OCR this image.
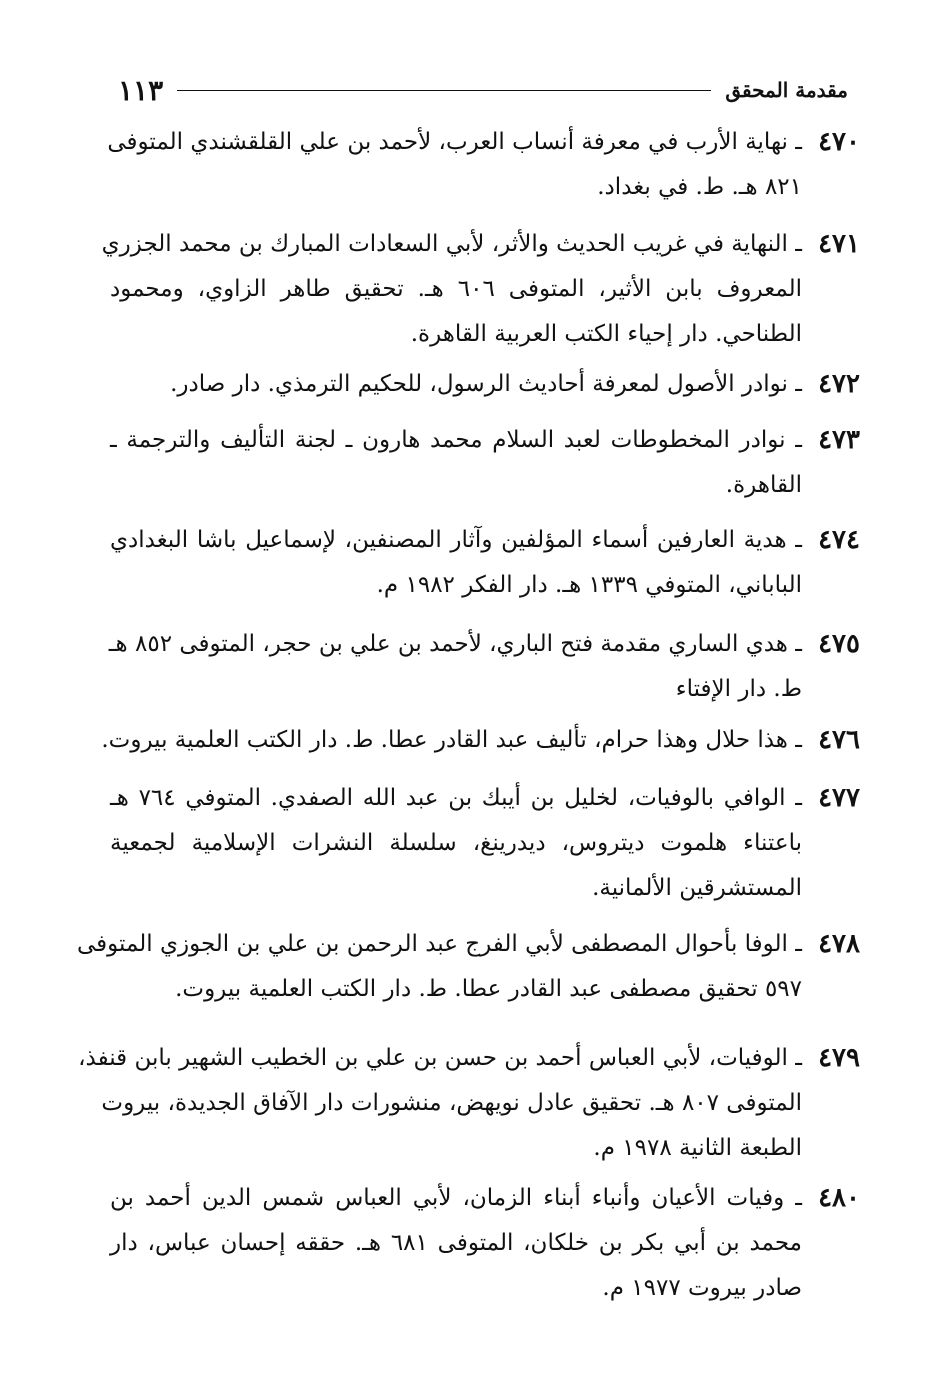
مقدمة المحقق
١١٣
٤٧٠
ـ نهاية الأرب في معرفة أنساب العرب، لأحمد بن علي القلقشندي المتوفى
٨٢١ هـ. ط. في بغداد.
٤٧١
ـ النهاية في غريب الحديث والأثر، لأبي السعادات المبارك بن محمد الجزري
المعروف بابن الأثير، المتوفى ٦٠٦ هـ. تحقيق طاهر الزاوي، ومحمود
الطناحي. دار إحياء الكتب العربية القاهرة.
٤٧٢
ـ نوادر الأصول لمعرفة أحاديث الرسول، للحكيم الترمذي. دار صادر.
٤٧٣
ـ نوادر المخطوطات لعبد السلام محمد هارون ـ لجنة التأليف والترجمة ـ
القاهرة.
٤٧٤
ـ هدية العارفين أسماء المؤلفين وآثار المصنفين، لإسماعيل باشا البغدادي
الباباني، المتوفي ١٣٣٩ هـ. دار الفكر ١٩٨٢ م.
٤٧٥
ـ هدي الساري مقدمة فتح الباري، لأحمد بن علي بن حجر، المتوفى ٨٥٢ هـ
ط. دار الإفتاء
٤٧٦
ـ هذا حلال وهذا حرام، تأليف عبد القادر عطا. ط. دار الكتب العلمية بيروت.
٤٧٧
ـ الوافي بالوفيات، لخليل بن أيبك بن عبد الله الصفدي. المتوفي ٧٦٤ هـ
باعتناء هلموت ديتروس، ديدرينغ، سلسلة النشرات الإسلامية لجمعية
المستشرقين الألمانية.
٤٧٨
ـ الوفا بأحوال المصطفى لأبي الفرج عبد الرحمن بن علي بن الجوزي المتوفى
٥٩٧ تحقيق مصطفى عبد القادر عطا. ط. دار الكتب العلمية بيروت.
٤٧٩
ـ الوفيات، لأبي العباس أحمد بن حسن بن علي بن الخطيب الشهير بابن قنفذ،
المتوفى ٨٠٧ هـ. تحقيق عادل نويهض، منشورات دار الآفاق الجديدة، بيروت
الطبعة الثانية ١٩٧٨ م.
٤٨٠
ـ وفيات الأعيان وأنباء أبناء الزمان، لأبي العباس شمس الدين أحمد بن
محمد بن أبي بكر بن خلكان، المتوفى ٦٨١ هـ. حققه إحسان عباس، دار
صادر بيروت ١٩٧٧ م.
